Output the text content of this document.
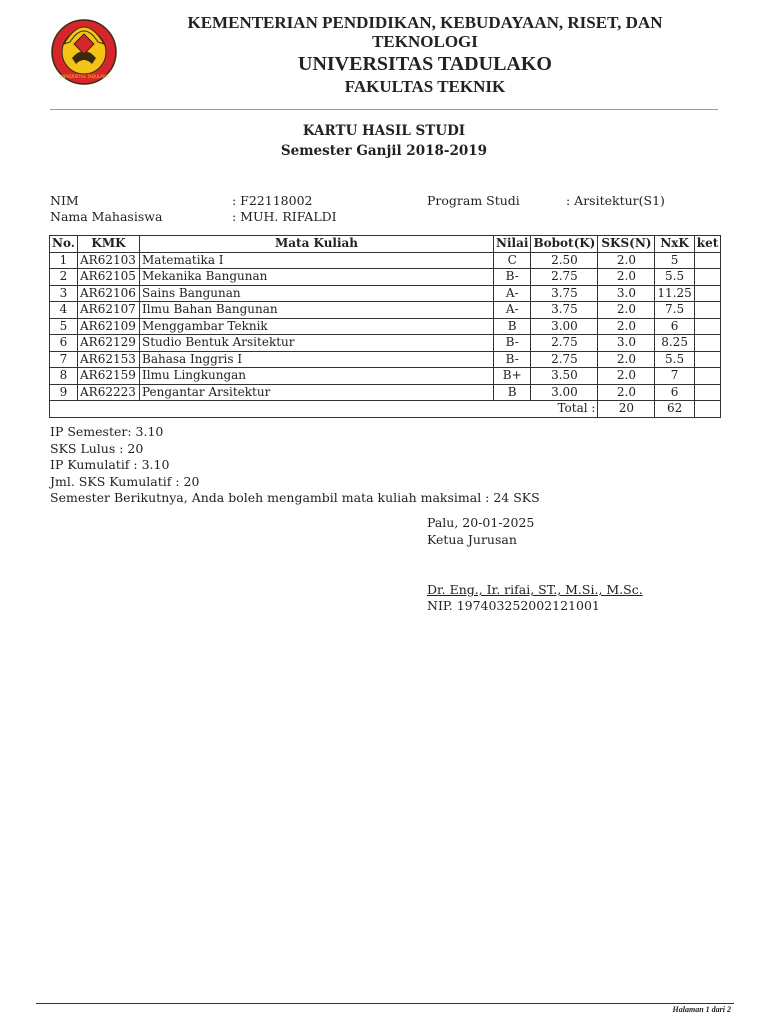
UNIVERSITAS TADULAKO
KEMENTERIAN PENDIDIKAN, KEBUDAYAAN, RISET, DAN
TEKNOLOGI
UNIVERSITAS TADULAKO
FAKULTAS TEKNIK
KARTU HASIL STUDI
Semester Ganjil 2018-2019
NIM	: F22118002	Program Studi	: Arsitektur(S1)
Nama Mahasiswa	: MUH. RIFALDI
No.	KMK	Mata Kuliah	Nilai	Bobot(K)	SKS(N)	NxK	ket
1	AR62103	Matematika I	C	2.50	2.0	5	
2	AR62105	Mekanika Bangunan	B-	2.75	2.0	5.5	
3	AR62106	Sains Bangunan	A-	3.75	3.0	11.25	
4	AR62107	Ilmu Bahan Bangunan	A-	3.75	2.0	7.5	
5	AR62109	Menggambar Teknik	B	3.00	2.0	6	
6	AR62129	Studio Bentuk Arsitektur	B-	2.75	3.0	8.25	
7	AR62153	Bahasa Inggris I	B-	2.75	2.0	5.5	
8	AR62159	Ilmu Lingkungan	B+	3.50	2.0	7	
9	AR62223	Pengantar Arsitektur	B	3.00	2.0	6	
Total :					20	62	
IP Semester: 3.10
SKS Lulus : 20
IP Kumulatif : 3.10
Jml. SKS Kumulatif : 20
Semester Berikutnya, Anda boleh mengambil mata kuliah maksimal : 24 SKS
Palu, 20-01-2025
Ketua Jurusan
Dr. Eng., Ir. rifai, ST., M.Si., M.Sc.
NIP. 197403252002121001
Halaman 1 dari 2
